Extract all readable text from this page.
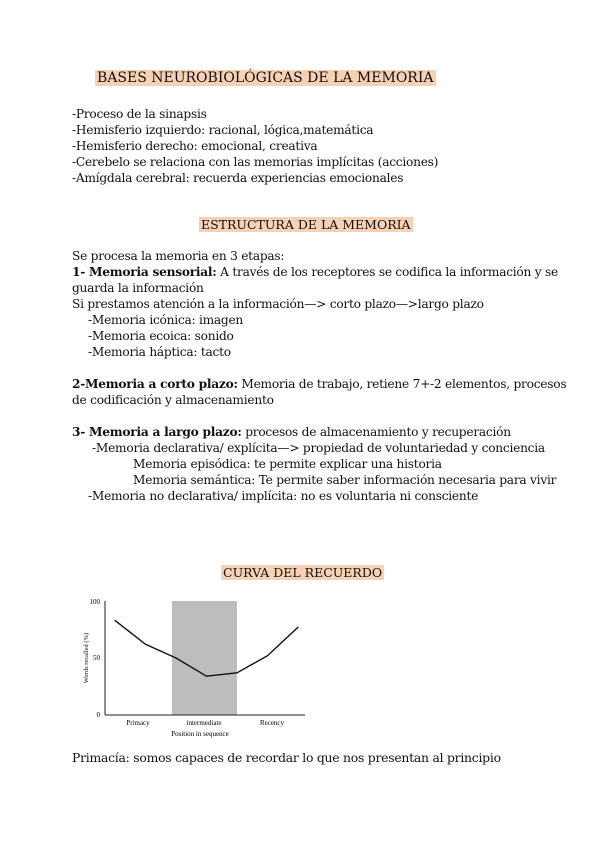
BASES NEUROBIOLÓGICAS DE LA MEMORIA
-Proceso de la sinapsis
-Hemisferio izquierdo: racional, lógica,matemática
-Hemisferio derecho: emocional, creativa
-Cerebelo se relaciona con las memorias implícitas (acciones)
-Amígdala cerebral: recuerda experiencias emocionales
ESTRUCTURA DE LA MEMORIA
Se procesa la memoria en 3 etapas:
1- Memoria sensorial: A través de los receptores se codifica la información y se
guarda la información
Si prestamos atención a la información—> corto plazo—>largo plazo
-Memoria icónica: imagen
-Memoria ecoica: sonido
-Memoria háptica: tacto
2-Memoria a corto plazo: Memoria de trabajo, retiene 7+-2 elementos, procesos
de codificación y almacenamiento
3- Memoria a largo plazo: procesos de almacenamiento y recuperación
-Memoria declarativa/ explícita—> propiedad de voluntariedad y conciencia
Memoria episódica: te permite explicar una historia
Memoria semántica: Te permite saber información necesaria para vivir
-Memoria no declarativa/ implícita: no es voluntaria ni consciente
CURVA DEL RECUERDO
100
50
0
Words recalled (%)
Primacy	intermediate	Recency
Position in sequence
Primacía: somos capaces de recordar lo que nos presentan al principio
